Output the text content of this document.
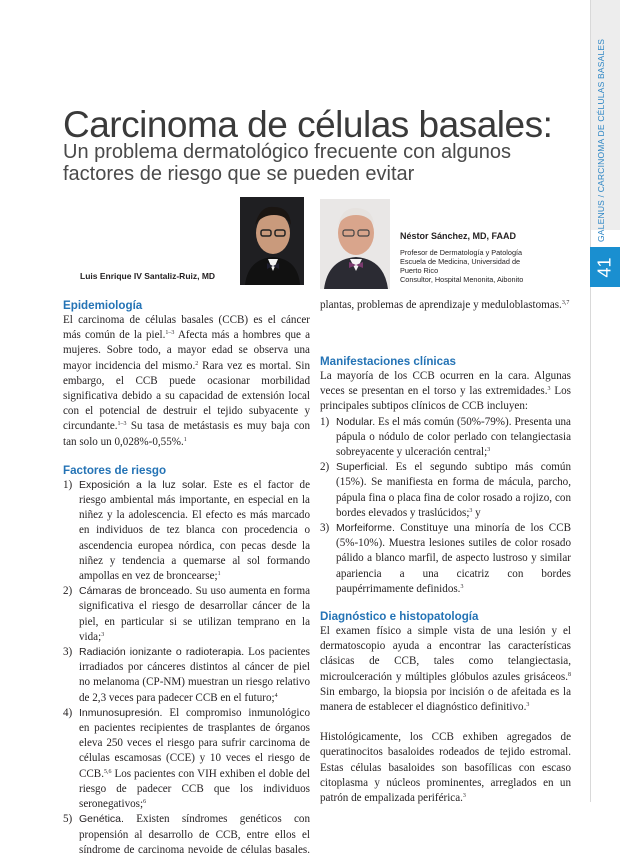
41
Carcinoma de células basales:
Un problema dermatológico frecuente con algunos factores de riesgo que se pueden evitar
Luis Enrique IV Santaliz-Ruiz, MD
Néstor Sánchez, MD, FAAD
Profesor de Dermatología y Patología
Escuela de Medicina, Universidad de
Puerto Rico
Consultor, Hospital Menonita, Aibonito
Epidemiología

El carcinoma de células basales (CCB) es el cáncer más común de la piel.$^{1-3}$ Afecta más a hombres que a mujeres. Sobre todo, a mayor edad se observa una mayor incidencia del mismo.$^2$ Rara vez es mortal. Sin embargo, el CCB puede ocasionar morbilidad significativa debido a su capacidad de extensión local con el potencial de destruir el tejido subyacente y circundante.$^{1-3}$ Su tasa de metástasis es muy baja con tan solo un 0,028%-0,55%.$^1$

Factores de riesgo
1) Exposición a la luz solar. Este es el factor de riesgo ambiental más importante, en especial en la niñez y la adolescencia. El efecto es más marcado en individuos de tez blanca con procedencia o ascendencia europea nórdica, con pecas desde la niñez y tendencia a quemarse al sol formando ampollas en vez de broncearse;$^1$
2) Cámaras de bronceado. Su uso aumenta en forma significativa el riesgo de desarrollar cáncer de la piel, en particular si se utilizan temprano en la vida;$^3$
3) Radiación ionizante o radioterapia. Los pacientes irradiados por cánceres distintos al cáncer de piel no melanoma (CP-NM) muestran un riesgo relativo de 2,3 veces para padecer CCB en el futuro;$^4$
4) Inmunosupresión. El compromiso inmunológico en pacientes recipientes de trasplantes de órganos eleva 250 veces el riesgo para sufrir carcinoma de células escamosas (CCE) y 10 veces el riesgo de CCB.$^{5,6}$ Los pacientes con VIH exhiben el doble del riesgo de padecer CCB que los individuos seronegativos;$^6$
5) Genética. Existen síndromes genéticos con propensión al desarrollo de CCB, entre ellos el síndrome de carcinoma nevoide de células basales.

plantas, problemas de aprendizaje y meduloblastomas.$^{3,7}$

Manifestaciones clínicas

La mayoría de los CCB ocurren en la cara. Algunas veces se presentan en el torso y las extremidades.$^3$ Los principales subtipos clínicos de CCB incluyen:

1) Nodular. Es el más común (50%-79%). Presenta una pápula o nódulo de color perlado con telangiectasia sobreyacente y ulceración central;$^3$
2) Superficial. Es el segundo subtipo más común (15%). Se manifiesta en forma de mácula, parcho, pápula fina o placa fina de color rosado a rojizo, con bordes elevados y traslúcidos;$^3$ y
3) Morfeiforme. Constituye una minoría de los CCB (5%-10%). Muestra lesiones sutiles de color rosado pálido a blanco marfil, de aspecto lustroso y similar apariencia a una cicatriz con bordes paupérrimamente definidos.$^3$
Diagnóstico e histopatología

El examen físico a simple vista de una lesión y el dermatoscopio ayuda a encontrar las características clásicas de CCB, tales como telangiectasia, microulceración y múltiples glóbulos azules grisáceos.$^8$ Sin embargo, la biopsia por incisión o de afeitada es la manera de establecer el diagnóstico definitivo.$^3$

Histológicamente, los CCB exhiben agregados de queratinocitos basaloides rodeados de tejido estromal. Estas células basaloides son basofílicas con escaso citoplasma y núcleos prominentes, arreglados en un patrón de empalizada periférica.$^3$
